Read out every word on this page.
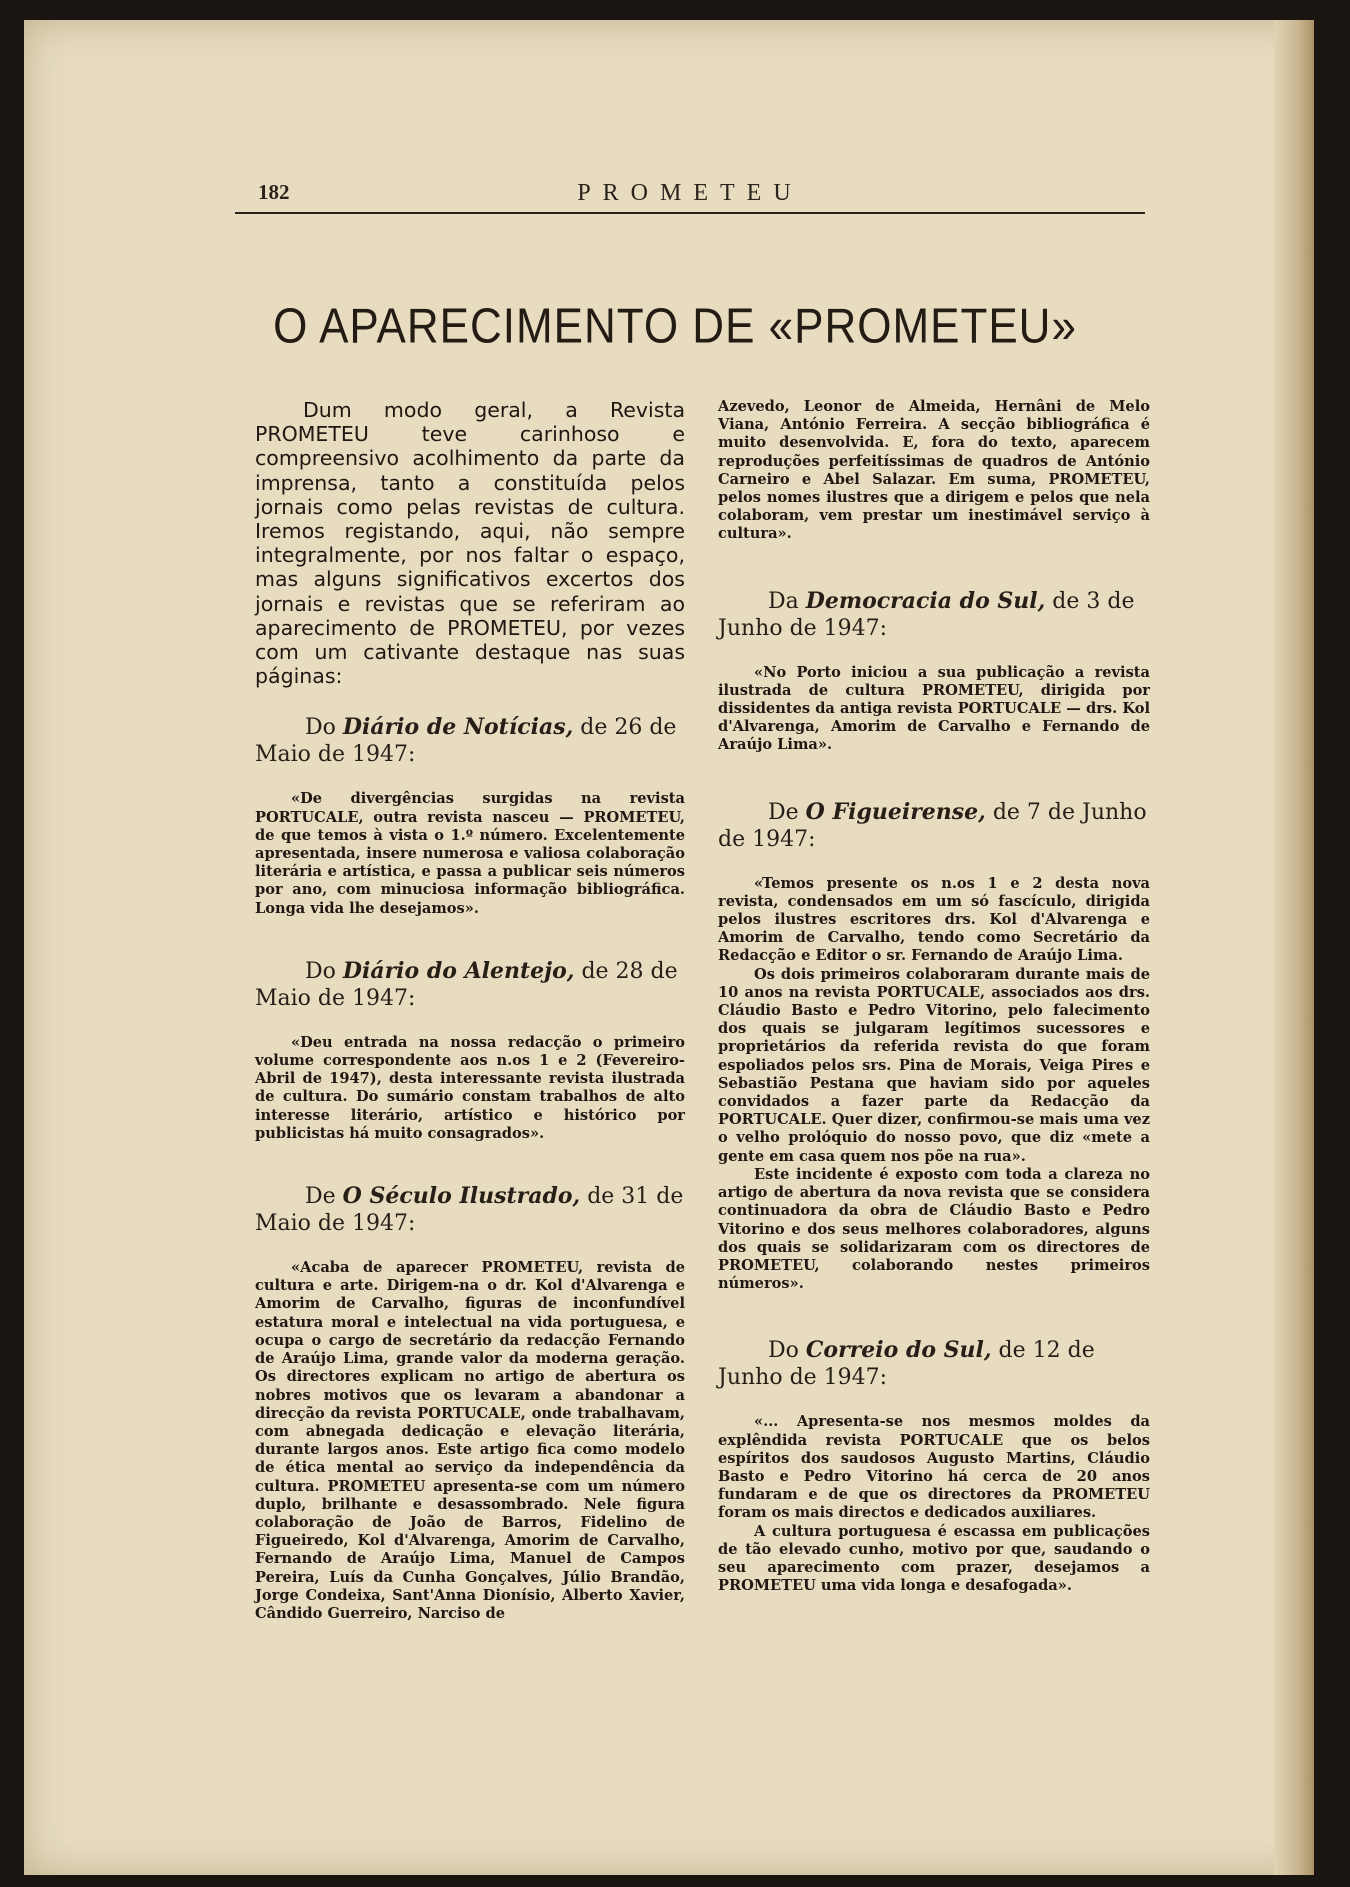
182	PROMETEU
O APARECIMENTO DE «PROMETEU»

Dum modo geral, a Revista PROMETEU teve carinhoso e compreensivo acolhimento da parte da imprensa, tanto a constituída pelos jornais como pelas revistas de cultura. Iremos registando, aqui, não sempre integralmente, por nos faltar o espaço, mas alguns significativos excertos dos jornais e revistas que se referiram ao aparecimento de PROMETEU, por vezes com um cativante destaque nas suas páginas:

Do Diário de Notícias, de 26 de Maio de 1947:

«De divergências surgidas na revista PORTUCALE, outra revista nasceu — PROMETEU, de que temos à vista o 1.º número. Excelentemente apresentada, insere numerosa e valiosa colaboração literária e artística, e passa a publicar seis números por ano, com minuciosa informação bibliográfica. Longa vida lhe desejamos».

Do Diário do Alentejo, de 28 de Maio de 1947:

«Deu entrada na nossa redacção o primeiro volume correspondente aos n.os 1 e 2 (Fevereiro-Abril de 1947), desta interessante revista ilustrada de cultura. Do sumário constam trabalhos de alto interesse literário, artístico e histórico por publicistas há muito consagrados».

De O Século Ilustrado, de 31 de Maio de 1947:

«Acaba de aparecer PROMETEU, revista de cultura e arte. Dirigem-na o dr. Kol d'Alvarenga e Amorim de Carvalho, figuras de inconfundível estatura moral e intelectual na vida portuguesa, e ocupa o cargo de secretário da redacção Fernando de Araújo Lima, grande valor da moderna geração. Os directores explicam no artigo de abertura os nobres motivos que os levaram a abandonar a direcção da revista PORTUCALE, onde trabalhavam, com abnegada dedicação e elevação literária, durante largos anos. Este artigo fica como modelo de ética mental ao serviço da independência da cultura. PROMETEU apresenta-se com um número duplo, brilhante e desassombrado. Nele figura colaboração de João de Barros, Fidelino de Figueiredo, Kol d'Alvarenga, Amorim de Carvalho, Fernando de Araújo Lima, Manuel de Campos Pereira, Luís da Cunha Gonçalves, Júlio Brandão, Jorge Condeixa, Sant'Anna Dionísio, Alberto Xavier, Cândido Guerreiro, Narciso de

Azevedo, Leonor de Almeida, Hernâni de Melo Viana, António Ferreira. A secção bibliográfica é muito desenvolvida. E, fora do texto, aparecem reproduções perfeitíssimas de quadros de António Carneiro e Abel Salazar. Em suma, PROMETEU, pelos nomes ilustres que a dirigem e pelos que nela colaboram, vem prestar um inestimável serviço à cultura».

Da Democracia do Sul, de 3 de Junho de 1947:

«No Porto iniciou a sua publicação a revista ilustrada de cultura PROMETEU, dirigida por dissidentes da antiga revista PORTUCALE — drs. Kol d'Alvarenga, Amorim de Carvalho e Fernando de Araújo Lima».

De O Figueirense, de 7 de Junho de 1947:

«Temos presente os n.os 1 e 2 desta nova revista, condensados em um só fascículo, dirigida pelos ilustres escritores drs. Kol d'Alvarenga e Amorim de Carvalho, tendo como Secretário da Redacção e Editor o sr. Fernando de Araújo Lima.

Os dois primeiros colaboraram durante mais de 10 anos na revista PORTUCALE, associados aos drs. Cláudio Basto e Pedro Vitorino, pelo falecimento dos quais se julgaram legítimos sucessores e proprietários da referida revista do que foram espoliados pelos srs. Pina de Morais, Veiga Pires e Sebastião Pestana que haviam sido por aqueles convidados a fazer parte da Redacção da PORTUCALE. Quer dizer, confirmou-se mais uma vez o velho prolóquio do nosso povo, que diz «mete a gente em casa quem nos põe na rua».

Este incidente é exposto com toda a clareza no artigo de abertura da nova revista que se considera continuadora da obra de Cláudio Basto e Pedro Vitorino e dos seus melhores colaboradores, alguns dos quais se solidarizaram com os directores de PROMETEU, colaborando nestes primeiros números».

Do Correio do Sul, de 12 de Junho de 1947:

«... Apresenta-se nos mesmos moldes da explêndida revista PORTUCALE que os belos espíritos dos saudosos Augusto Martins, Cláudio Basto e Pedro Vitorino há cerca de 20 anos fundaram e de que os directores da PROMETEU foram os mais directos e dedicados auxiliares.

A cultura portuguesa é escassa em publicações de tão elevado cunho, motivo por que, saudando o seu aparecimento com prazer, desejamos a PROMETEU uma vida longa e desafogada».
